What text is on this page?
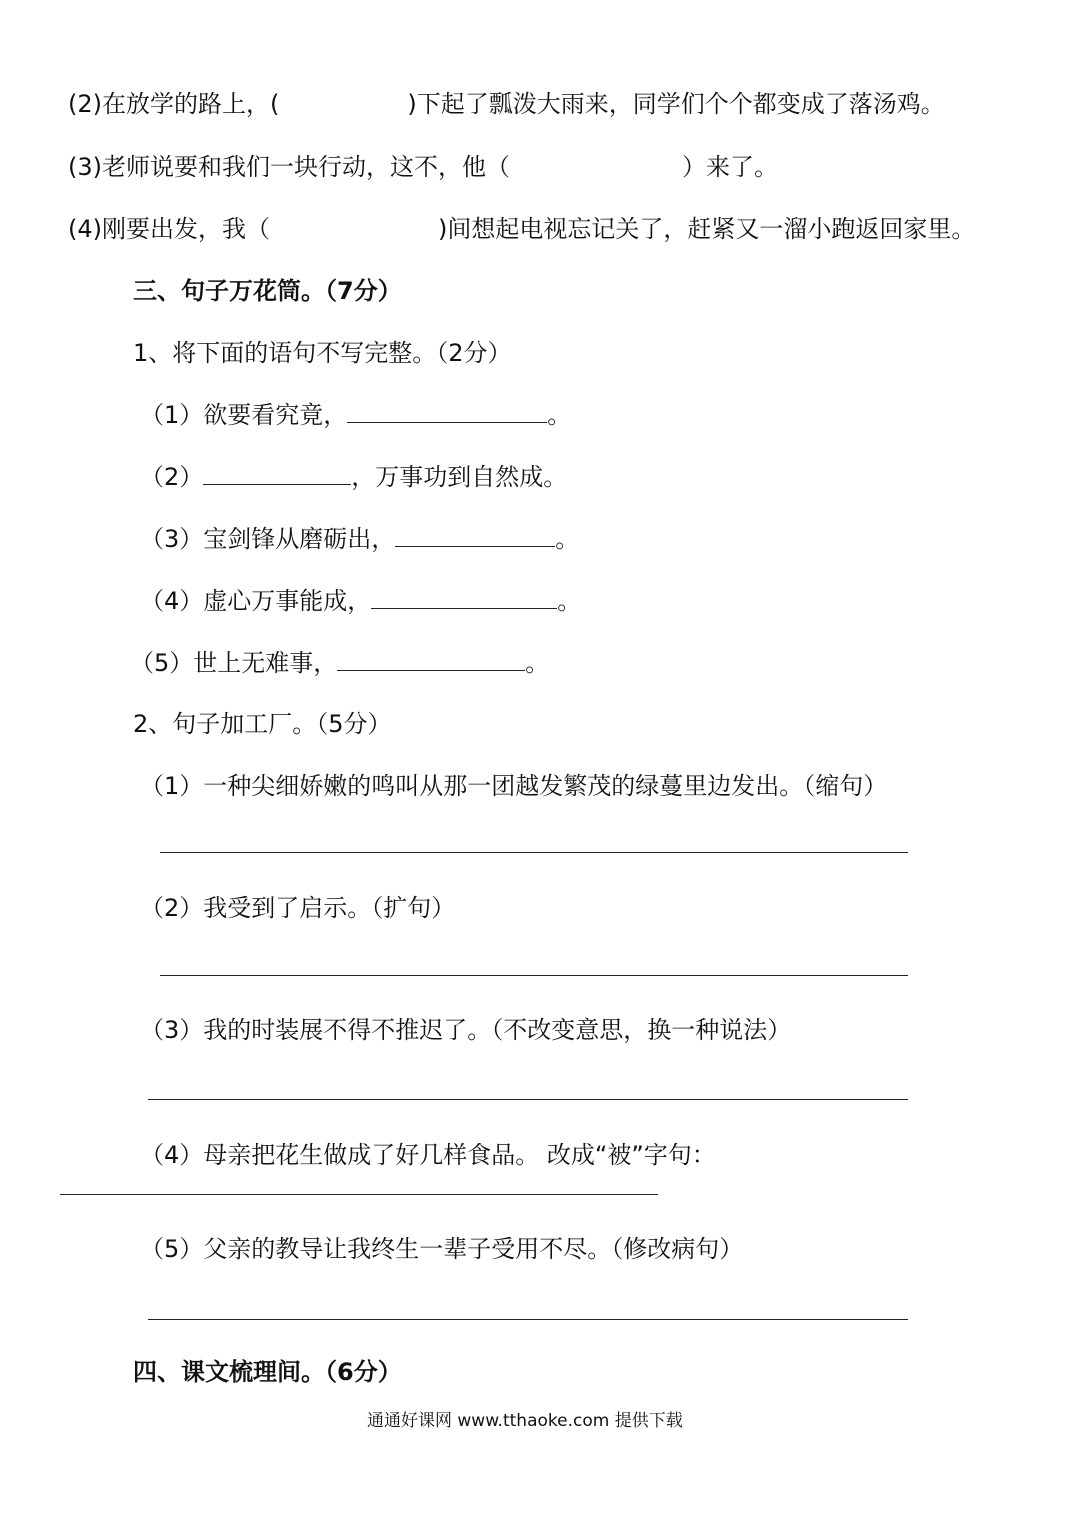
(2)在放学的路上，(	)下起了瓢泼大雨来，同学们个个都变成了落汤鸡。

(3)老师说要和我们一块行动，这不，他（	）来了。

(4)刚要出发，我（	)间想起电视忘记关了，赶紧又一溜小跑返回家里。

三、句子万花筒。（7分）

1、将下面的语句不写完整。（2分）

（1）欲要看究竟，	。

（2）	，万事功到自然成。

（3）宝剑锋从磨砺出，	。

（4）虚心万事能成，	。

（5）世上无难事，	。

2、句子加工厂。（5分）

（1）一种尖细娇嫩的鸣叫从那一团越发繁茂的绿蔓里边发出。（缩句）

（2）我受到了启示。（扩句）

（3）我的时装展不得不推迟了。（不改变意思，换一种说法）

（4）母亲把花生做成了好几样食品。 改成“被”字句：

（5）父亲的教导让我终生一辈子受用不尽。（修改病句）

四、课文梳理间。（6分）

通通好课网 www.tthaoke.com 提供下载
